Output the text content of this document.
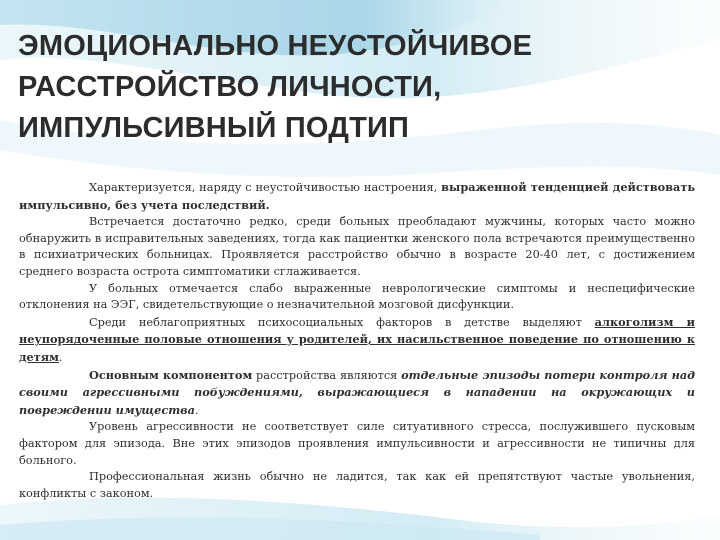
ЭМОЦИОНАЛЬНО НЕУСТОЙЧИВОЕ
РАССТРОЙСТВО ЛИЧНОСТИ,
ИМПУЛЬСИВНЫЙ ПОДТИП

Характеризуется, наряду с неустойчивостью настроения, выраженной тенденцией действовать импульсивно, без учета последствий.

Встречается достаточно редко, среди больных преобладают мужчины, которых часто можно обнаружить в исправительных заведениях, тогда как пациентки женского пола встречаются преимущественно в психиатрических больницах. Проявляется расстройство обычно в возрасте 20-40 лет, с достижением среднего возраста острота симптоматики сглаживается.

У больных отмечается слабо выраженные неврологические симптомы и неспецифические отклонения на ЭЭГ, свидетельствующие о незначительной мозговой дисфункции.

Среди неблагоприятных психосоциальных факторов в детстве выделяют алкоголизм и неупорядоченные половые отношения у родителей, их насильственное поведение по отношению к детям.

Основным компонентом расстройства являются отдельные эпизоды потери контроля над своими агрессивными побуждениями, выражающиеся в нападении на окружающих и повреждении имущества.

Уровень агрессивности не соответствует силе ситуативного стресса, послужившего пусковым фактором для эпизода. Вне этих эпизодов проявления импульсивности и агрессивности не типичны для больного.

Профессиональная жизнь обычно не ладится, так как ей препятствуют частые увольнения, конфликты с законом.
